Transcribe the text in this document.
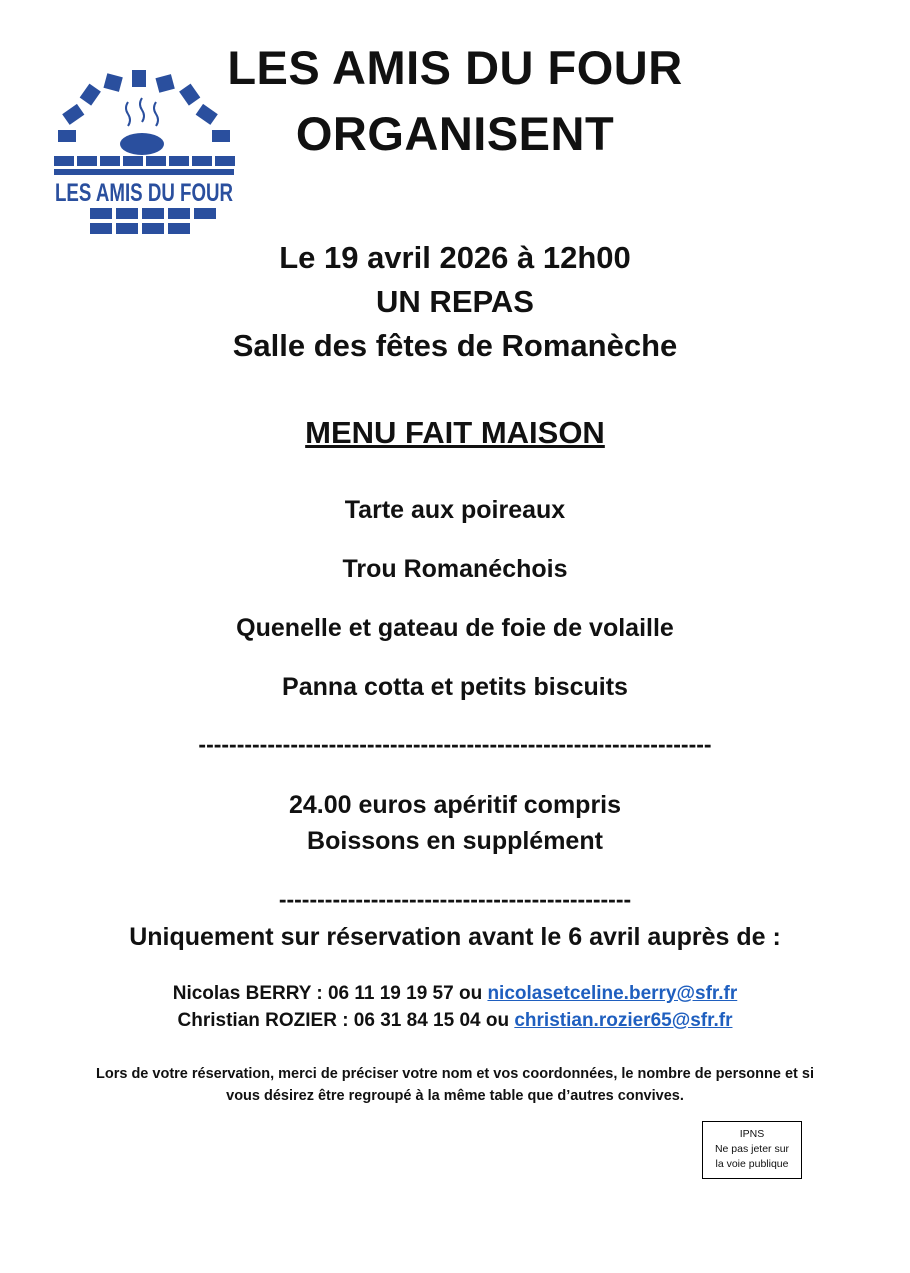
LES AMIS DU FOUR
LES AMIS DU FOUR
ORGANISENT
Le 19 avril 2026 à 12h00
UN REPAS
Salle des fêtes de Romanèche
MENU FAIT MAISON
Tarte aux poireaux
Trou Romanéchois
Quenelle et gateau de foie de volaille
Panna cotta et petits biscuits
-------------------------------------------------------------------
24.00 euros apéritif compris
Boissons en supplément
----------------------------------------------
Uniquement sur réservation avant le 6 avril auprès de :
Nicolas BERRY : 06 11 19 19 57 ou nicolasetceline.berry@sfr.fr
Christian ROZIER : 06 31 84 15 04 ou christian.rozier65@sfr.fr
Lors de votre réservation, merci de préciser votre nom et vos coordonnées, le nombre de personne et si
vous désirez être regroupé à la même table que d’autres convives.
IPNS
Ne pas jeter sur
la voie publique
